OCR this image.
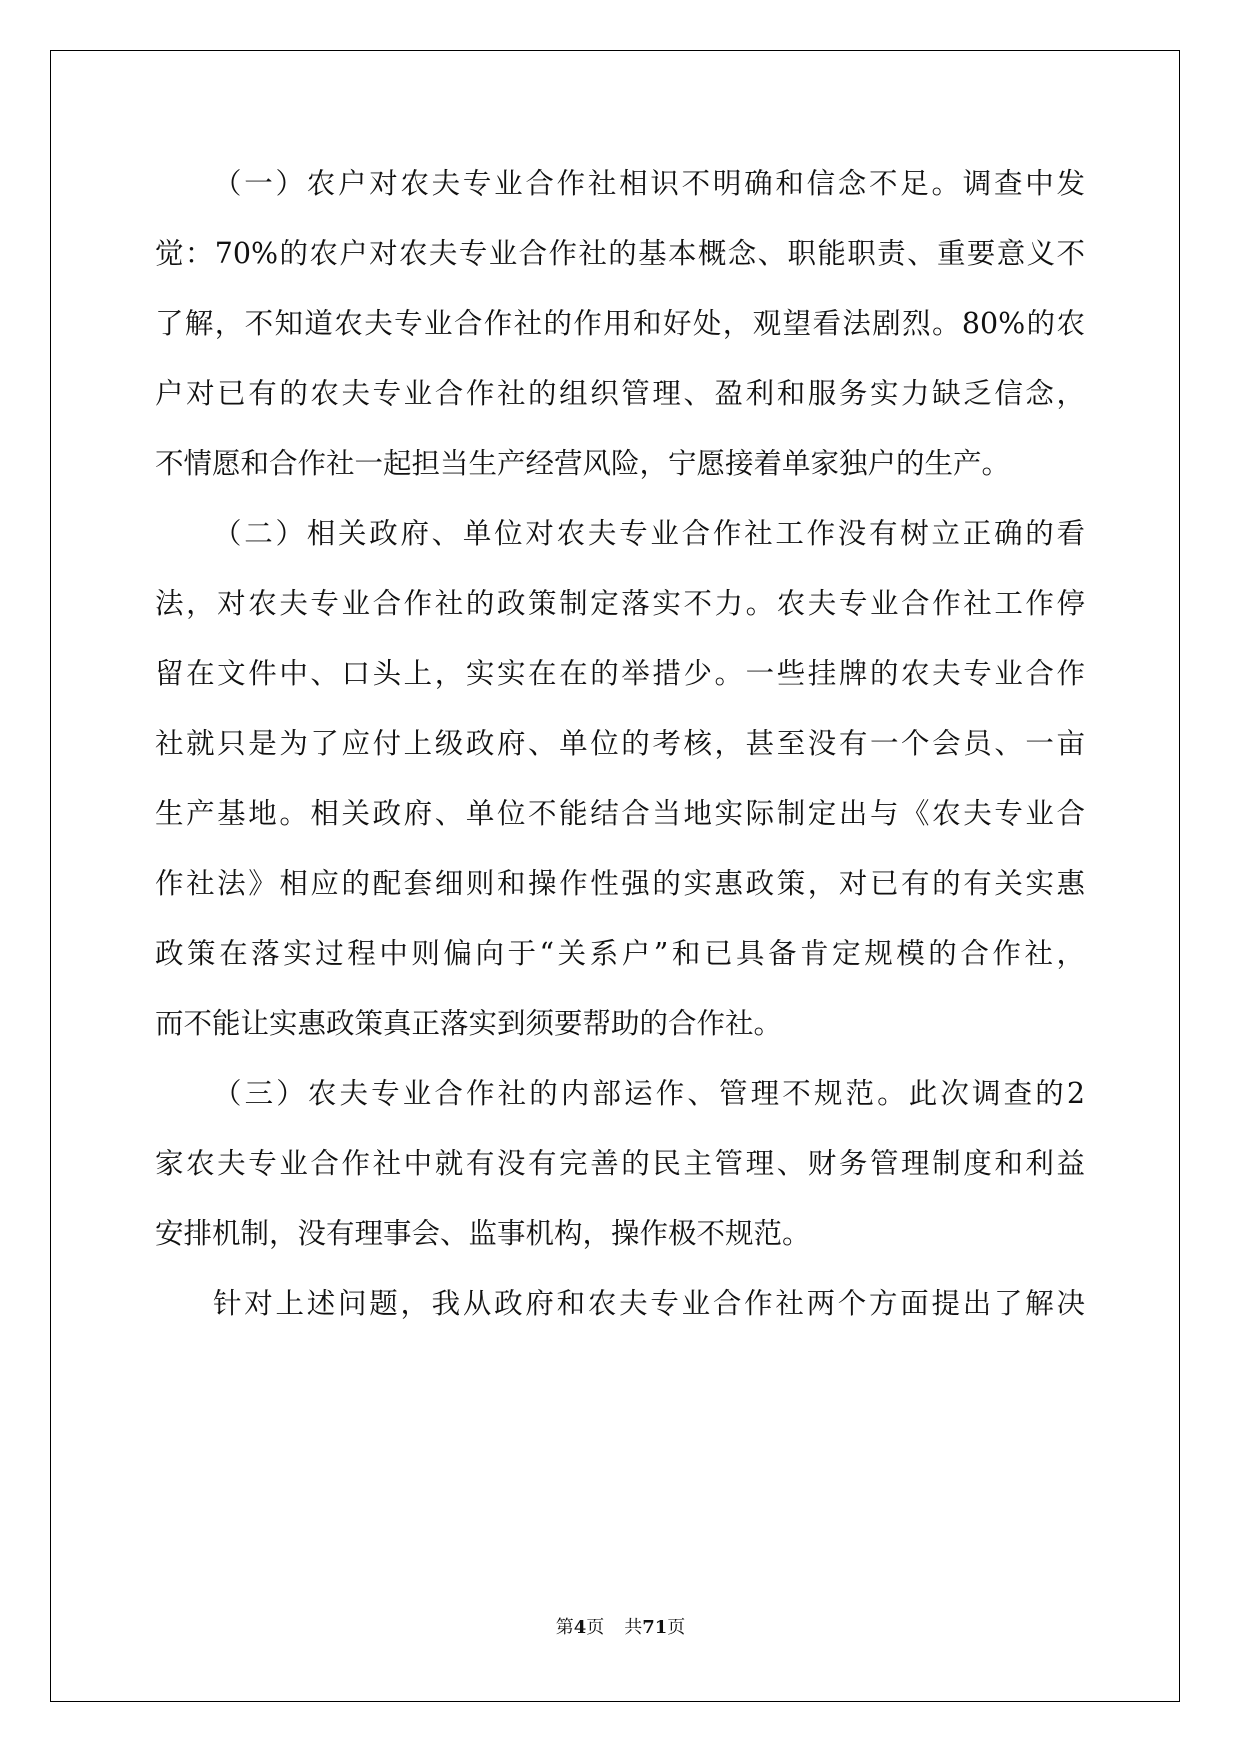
（一）农户对农夫专业合作社相识不明确和信念不足。调查中发
觉：70%的农户对农夫专业合作社的基本概念、职能职责、重要意义不
了解，不知道农夫专业合作社的作用和好处，观望看法剧烈。80%的农
户对已有的农夫专业合作社的组织管理、盈利和服务实力缺乏信念，
不情愿和合作社一起担当生产经营风险，宁愿接着单家独户的生产。
（二）相关政府、单位对农夫专业合作社工作没有树立正确的看
法，对农夫专业合作社的政策制定落实不力。农夫专业合作社工作停
留在文件中、口头上，实实在在的举措少。一些挂牌的农夫专业合作
社就只是为了应付上级政府、单位的考核，甚至没有一个会员、一亩
生产基地。相关政府、单位不能结合当地实际制定出与《农夫专业合
作社法》相应的配套细则和操作性强的实惠政策，对已有的有关实惠
政策在落实过程中则偏向于“关系户”和已具备肯定规模的合作社，
而不能让实惠政策真正落实到须要帮助的合作社。
（三）农夫专业合作社的内部运作、管理不规范。此次调查的2
家农夫专业合作社中就有没有完善的民主管理、财务管理制度和利益
安排机制，没有理事会、监事机构，操作极不规范。
针对上述问题，我从政府和农夫专业合作社两个方面提出了解决
第4页 共71页
